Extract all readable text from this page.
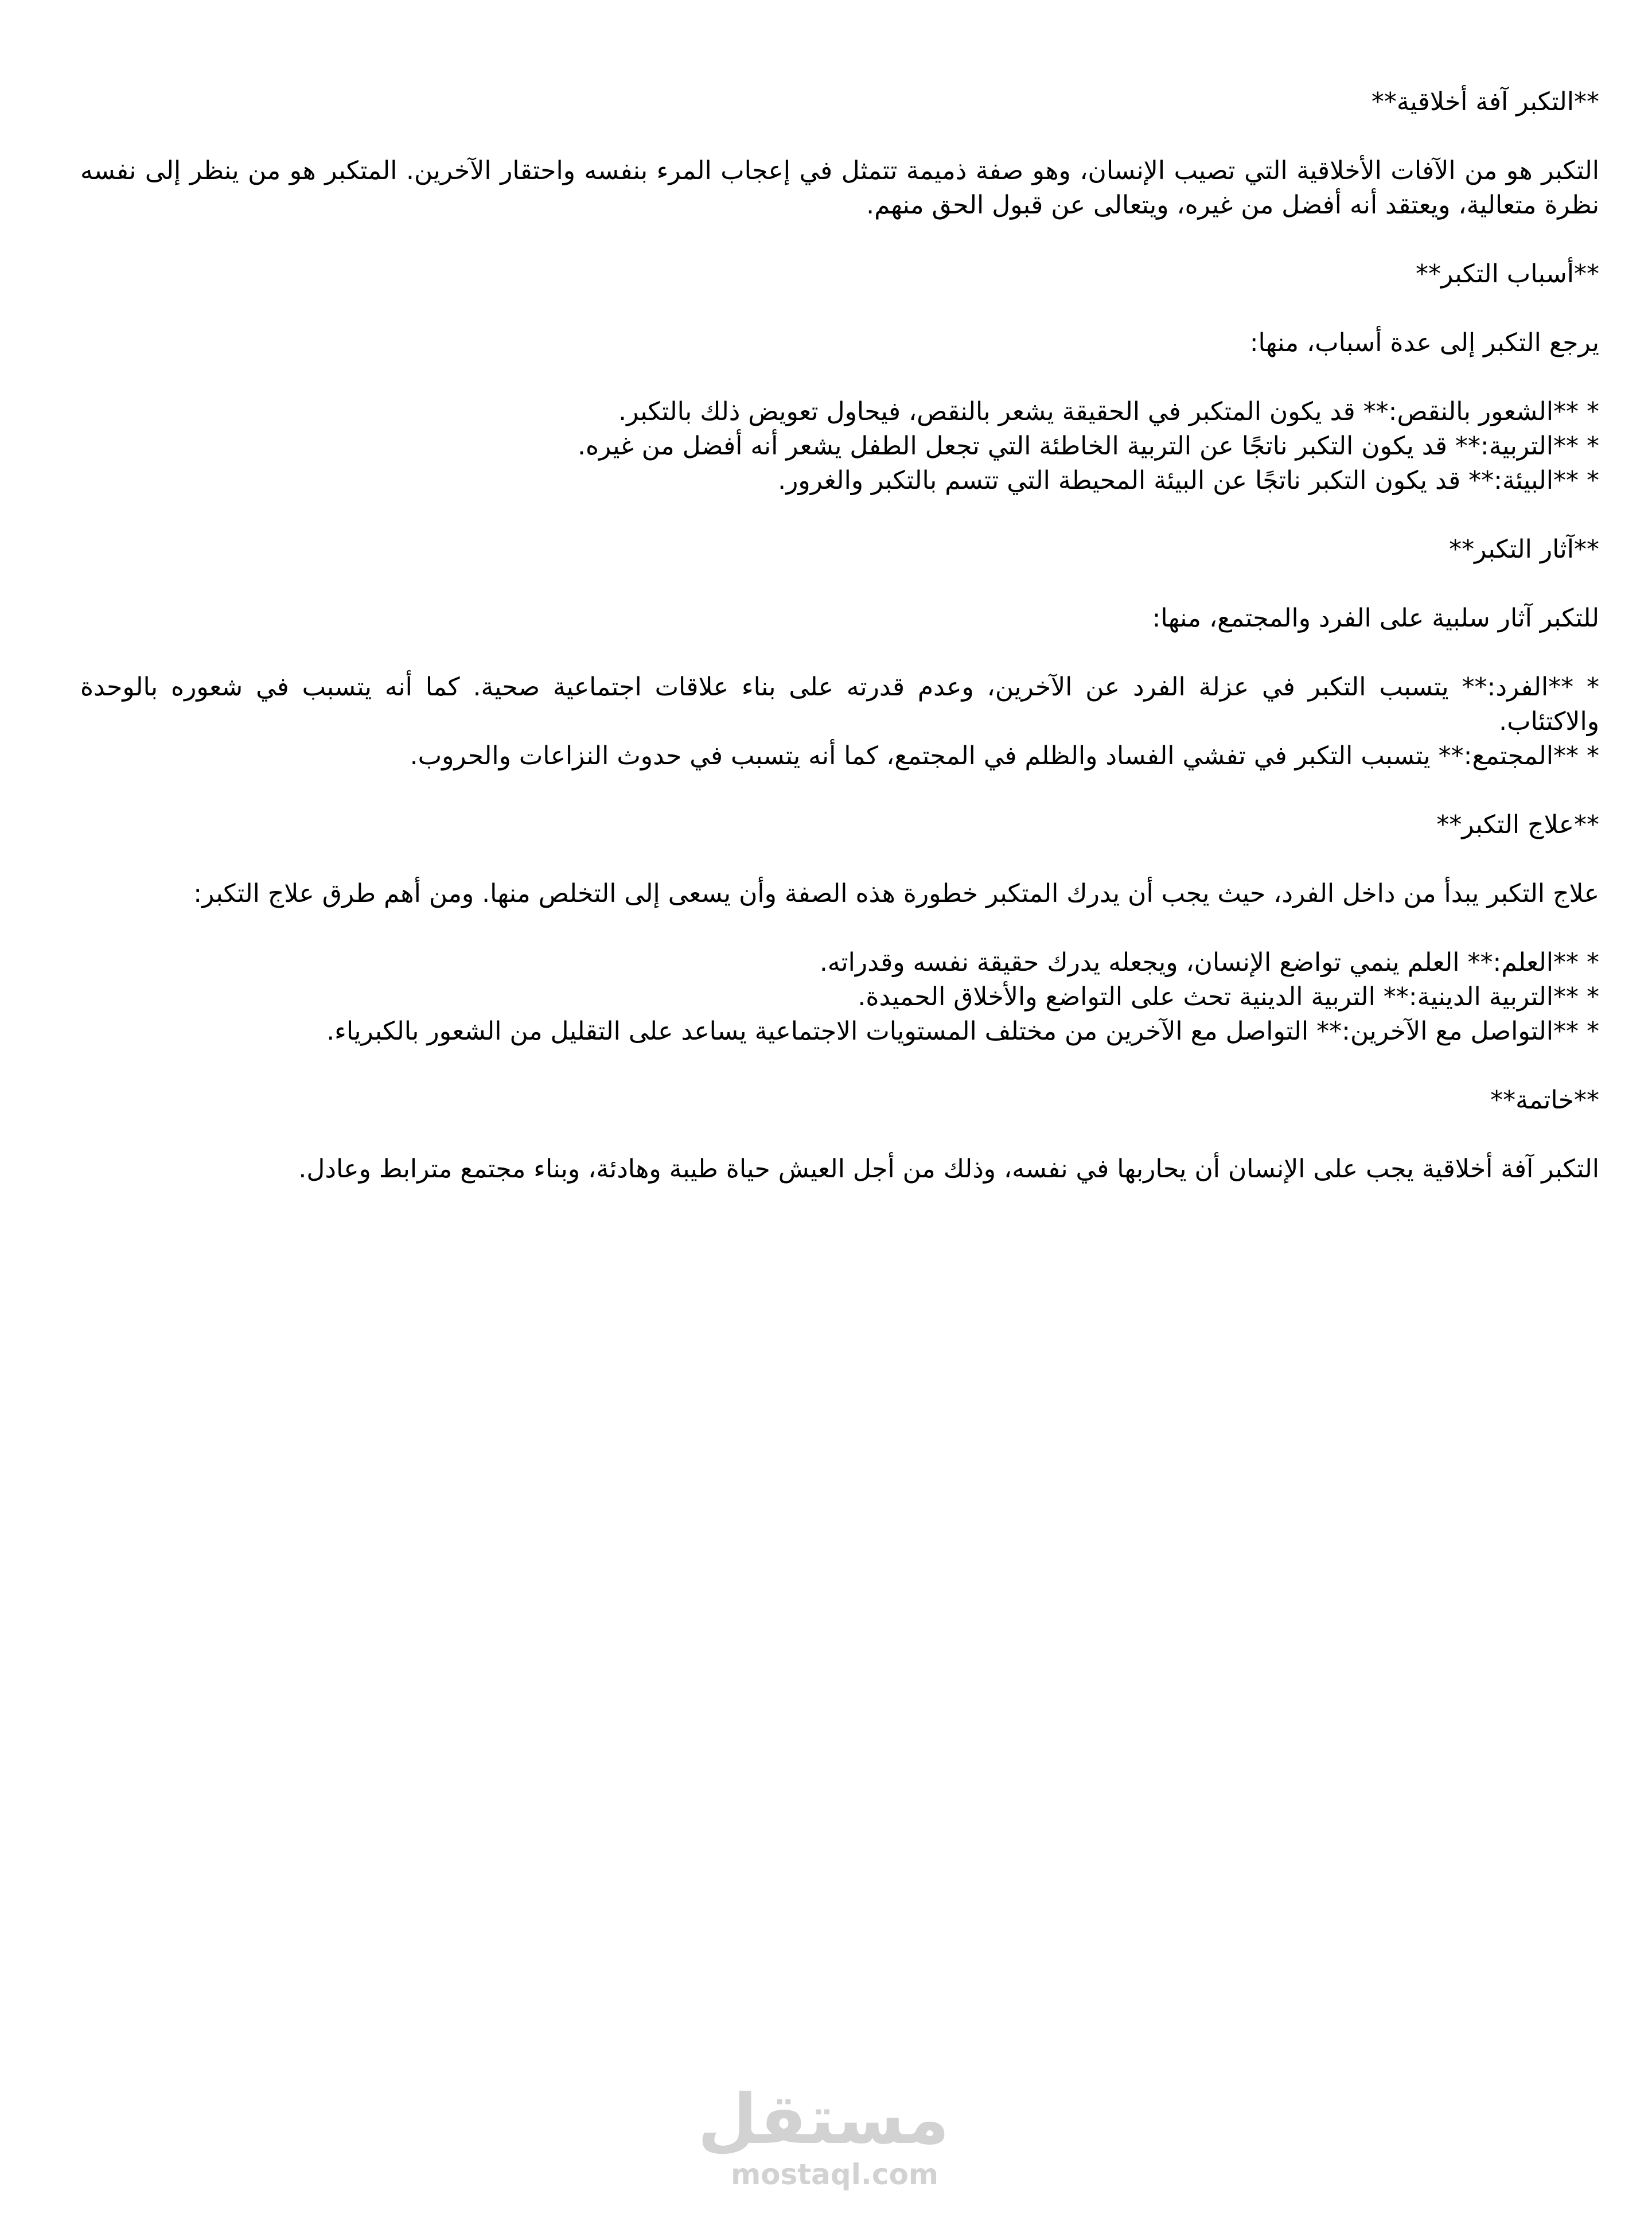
**التكبر آفة أخلاقية**

التكبر هو من الآفات الأخلاقية التي تصيب الإنسان، وهو صفة ذميمة تتمثل في إعجاب المرء بنفسه واحتقار الآخرين. المتكبر هو من ينظر إلى نفسه نظرة متعالية، ويعتقد أنه أفضل من غيره، ويتعالى عن قبول الحق منهم.

**أسباب التكبر**

يرجع التكبر إلى عدة أسباب، منها:

* **الشعور بالنقص:** قد يكون المتكبر في الحقيقة يشعر بالنقص، فيحاول تعويض ذلك بالتكبر.

* **التربية:** قد يكون التكبر ناتجًا عن التربية الخاطئة التي تجعل الطفل يشعر أنه أفضل من غيره.

* **البيئة:** قد يكون التكبر ناتجًا عن البيئة المحيطة التي تتسم بالتكبر والغرور.

**آثار التكبر**

للتكبر آثار سلبية على الفرد والمجتمع، منها:

* **الفرد:** يتسبب التكبر في عزلة الفرد عن الآخرين، وعدم قدرته على بناء علاقات اجتماعية صحية. كما أنه يتسبب في شعوره بالوحدة والاكتئاب.

* **المجتمع:** يتسبب التكبر في تفشي الفساد والظلم في المجتمع، كما أنه يتسبب في حدوث النزاعات والحروب.

**علاج التكبر**

علاج التكبر يبدأ من داخل الفرد، حيث يجب أن يدرك المتكبر خطورة هذه الصفة وأن يسعى إلى التخلص منها. ومن أهم طرق علاج التكبر:

* **العلم:** العلم ينمي تواضع الإنسان، ويجعله يدرك حقيقة نفسه وقدراته.

* **التربية الدينية:** التربية الدينية تحث على التواضع والأخلاق الحميدة.

* **التواصل مع الآخرين:** التواصل مع الآخرين من مختلف المستويات الاجتماعية يساعد على التقليل من الشعور بالكبرياء.

**خاتمة**

التكبر آفة أخلاقية يجب على الإنسان أن يحاربها في نفسه، وذلك من أجل العيش حياة طيبة وهادئة، وبناء مجتمع مترابط وعادل.

مستقل
mostaql.com
